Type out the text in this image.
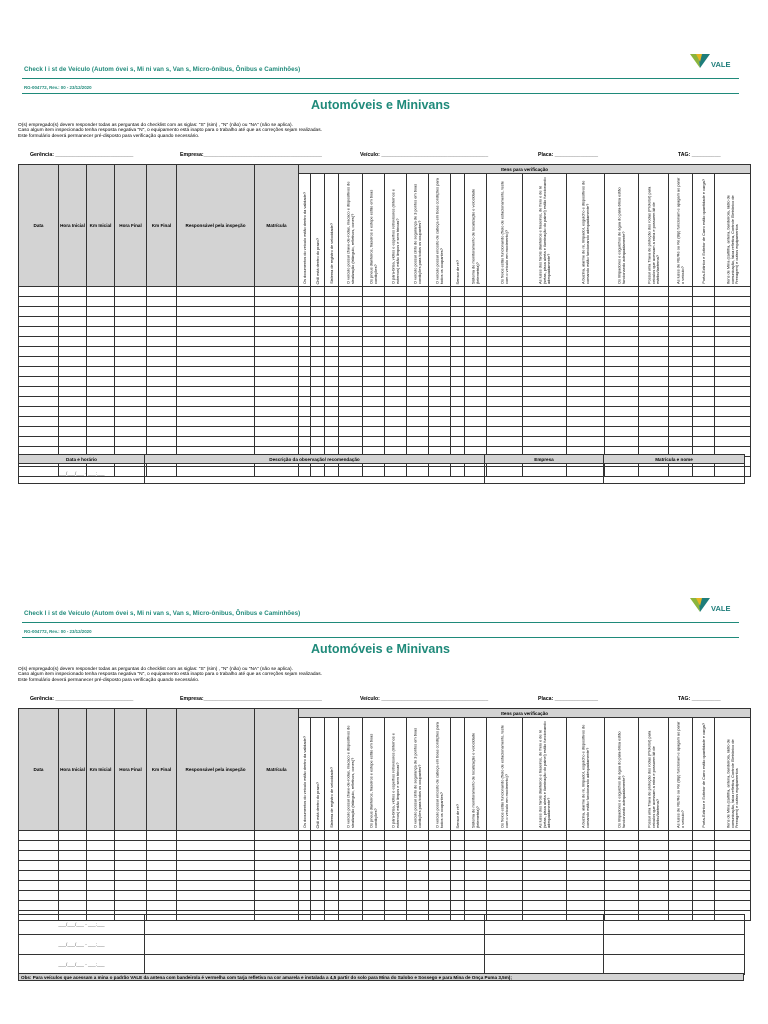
Check l i st de Veículo (Autom óvei s, Mi ni van s, Van s, Micro-ônibus, Ônibus e Caminhões)
VALE
RG-004772, Rev.: 00 - 23/12/2020
Automóveis e Minivans
O(s) empregado(s) devem responder todas as perguntas do checklist com as siglas: "S" (sim) , "N" (não) ou "NA" (não se aplica).
Caso algum item inspecionado tenha resposta negativa "N", o equipamento está inapto para o trabalho até que as correções sejam realizadas.
Este formulário deverá permanecer pré-disposto para verificação quando necessário.
Gerência: ___________________________	Empresa:_________________________________________	Veículo: _____________________________________	Placa: _______________	TAG: __________
Data	Hora Inicial	Km Inicial	Hora Final	Km Final	Responsável pela inspeção	Matrícula	Itens para verificação																	

							Os documentos do veículo estão dentro da validade?	Chill está dentro do prazo?	Sistema de registro de velocidade?	O veículo possui chave-de-rodas, macaco e dispositivos de sinalização (triângulo, refletivos, cones)?	Os pneus dianteiros, traseiros e estepe estão em boas condições?	O pára-brisa, vidros e espelhos retrovisores (internos e externos) estão limpos e sem trincas?	O veículo possui cinto de segurança de 3 pontos em boas condições para todos os ocupantes?	O veículo possui encosto de cabeça em boas condições para todos os ocupantes?	Sensor de ré?	Sistema de monitoramento de localização e velocidade (telemetria)?	Os freios estão funcionando (freio de estacionamento, teste com o veículo em movimento)?	As luzes dos faróis dianteiros e traseiros, de freio e de ré (setas, pisca alerta e iluminação do painel) estão funcionando adequadamente?	A buzina, alarme de ré, limpador, esguicho e dispositivos de comando estão funcionando adequadamente?	Os limpadores e esguichos de água do pára-brisa estão funcionando adequadamente?	Possui uma Trava de proteção dos rodas (Protetor) para veículos que acessam a mina e possuem kit de estribo/lanterna?	As luzes de RE/Ré ou Ré (Bip) funcionam e apagam ao parar o veículo?	Porta-Extintor e Extintor de Carro estão quantidade e carga?	Itens de Mina (cartilha, antena, bandeirola, rádio de comunicação, faixa refletiva, Controle Eletrônico de Frenagem) e outros equipamentos

Data e horário	Descrição da observação/ recomendação	Empresa	Matrícula e nome
___/___/___ - ___:___			
Check l i st de Veículo (Autom óvei s, Mi ni van s, Van s, Micro-ônibus, Ônibus e Caminhões)
VALE
RG-004772, Rev.: 00 - 23/12/2020
Automóveis e Minivans
O(s) empregado(s) devem responder todas as perguntas do checklist com as siglas: "S" (sim) , "N" (não) ou "NA" (não se aplica).
Caso algum item inspecionado tenha resposta negativa "N", o equipamento está inapto para o trabalho até que as correções sejam realizadas.
Este formulário deverá permanecer pré-disposto para verificação quando necessário.
Gerência: ___________________________	Empresa:_________________________________________	Veículo: _____________________________________	Placa: _______________	TAG: __________
Data	Hora Inicial	Km Inicial	Hora Final	Km Final	Responsável pela inspeção	Matrícula	Itens para verificação																	

							Os documentos do veículo estão dentro da validade?	Chill está dentro do prazo?	Sistema de registro de velocidade?	O veículo possui chave-de-rodas, macaco e dispositivos de sinalização (triângulo, refletivos, cones)?	Os pneus dianteiros, traseiros e estepe estão em boas condições?	O pára-brisa, vidros e espelhos retrovisores (internos e externos) estão limpos e sem trincas?	O veículo possui cinto de segurança de 3 pontos em boas condições para todos os ocupantes?	O veículo possui encosto de cabeça em boas condições para todos os ocupantes?	Sensor de ré?	Sistema de monitoramento de localização e velocidade (telemetria)?	Os freios estão funcionando (freio de estacionamento, teste com o veículo em movimento)?	As luzes dos faróis dianteiros e traseiros, de freio e de ré (setas, pisca alerta e iluminação do painel) estão funcionando adequadamente?	A buzina, alarme de ré, limpador, esguicho e dispositivos de comando estão funcionando adequadamente?	Os limpadores e esguichos de água do pára-brisa estão funcionando adequadamente?	Possui uma Trava de proteção dos rodas (Protetor) para veículos que acessam a mina e possuem kit de estribo/lanterna?	As luzes de RE/Ré ou Ré (Bip) funcionam e apagam ao parar o veículo?	Porta-Extintor e Extintor de Carro estão quantidade e carga?	Itens de Mina (cartilha, antena, bandeirola, rádio de comunicação, faixa refletiva, Controle Eletrônico de Frenagem) e outros equipamentos

___/___/___ - ___:___			
___/___/___ - ___:___			
___/___/___ - ___:___			
Obs: Para veículos que acessam a mina o padrão VALE da antena com bandeirola é vermelha com tarja refletiva na cor amarela e instalada a 4,5 partir do solo para Mina do Salobo e Sossego e para Mina de Onça Puma 3,5m);
